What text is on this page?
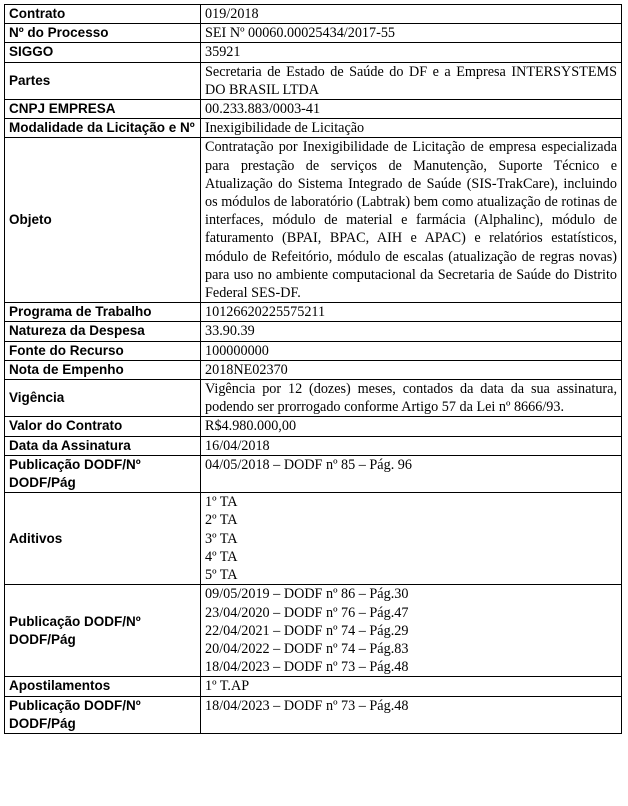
Contrato	019/2018
Nº do Processo	SEI Nº 00060.00025434/2017-55
SIGGO	35921
Partes	Secretaria de Estado de Saúde do DF e a Empresa INTERSYSTEMS DO BRASIL LTDA
CNPJ EMPRESA	00.233.883/0003-41
Modalidade da Licitação e Nº	Inexigibilidade de Licitação
Objeto	Contratação por Inexigibilidade de Licitação de empresa especializada para prestação de serviços de Manutenção, Suporte Técnico e Atualização do Sistema Integrado de Saúde (SIS-TrakCare), incluindo os módulos de laboratório (Labtrak) bem como atualização de rotinas de interfaces, módulo de material e farmácia (Alphalinc), módulo de faturamento (BPAI, BPAC, AIH e APAC) e relatórios estatísticos, módulo de Refeitório, módulo de escalas (atualização de regras novas) para uso no ambiente computacional da Secretaria de Saúde do Distrito Federal SES-DF.
Programa de Trabalho	10126620225575211
Natureza da Despesa	33.90.39
Fonte do Recurso	100000000
Nota de Empenho	2018NE02370
Vigência	Vigência por 12 (dozes) meses, contados da data da sua assinatura, podendo ser prorrogado conforme Artigo 57 da Lei nº 8666/93.
Valor do Contrato	R$4.980.000,00
Data da Assinatura	16/04/2018
Publicação DODF/Nº DODF/Pág	04/05/2018 – DODF nº 85 – Pág. 96
Aditivos	1º TA
2º TA
3º TA
4º TA
5º TA

Publicação DODF/Nº DODF/Pág	09/05/2019 – DODF nº 86 – Pág.30
23/04/2020 – DODF nº 76 – Pág.47
22/04/2021 – DODF nº 74 – Pág.29
20/04/2022 – DODF nº 74 – Pág.83
18/04/2023 – DODF nº 73 – Pág.48

Apostilamentos	1º T.AP
Publicação DODF/Nº DODF/Pág	18/04/2023 – DODF nº 73 – Pág.48
